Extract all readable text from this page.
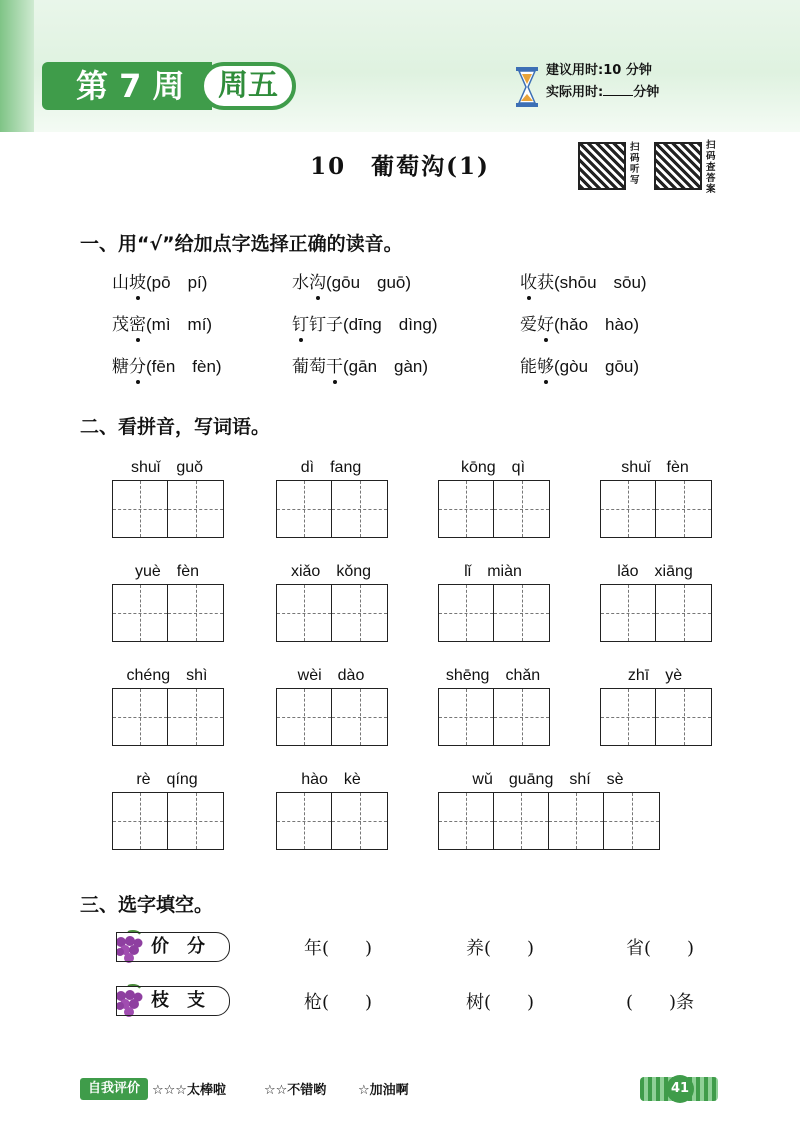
第 7 周	周五	建议用时:10 分钟
实际用时: 分钟
10　葡萄沟(1)
扫
码
听
写
扫
码
查
答
案
一、用“√”给加点字选择正确的读音。
山坡(pō　pí)	水沟(gōu　guō)	收获(shōu　sōu)
茂密(mì　mí)	钉钉子(dīng　dìng)	爱好(hǎo　hào)
糖分(fēn　fèn)	葡萄干(gān　gàn)	能够(gòu　gōu)
二、看拼音，写词语。
shuǐ　guǒ	dì　fang	kōng　qì	shuǐ　fèn
yuè　fèn	xiǎo　kǒng	lǐ　miàn	lǎo　xiāng
chéng　shì	wèi　dào	shēng　chǎn	zhī　yè
rè　qíng	hào　kè	wǔ　guāng　shí　sè
三、选字填空。
价　分
枝　支
年(　　)	养(　　)	省(　　)
枪(　　)	树(　　)	(　　)条
自我评价 ☆☆☆太棒啦	☆☆不错哟 ☆加油啊	41
